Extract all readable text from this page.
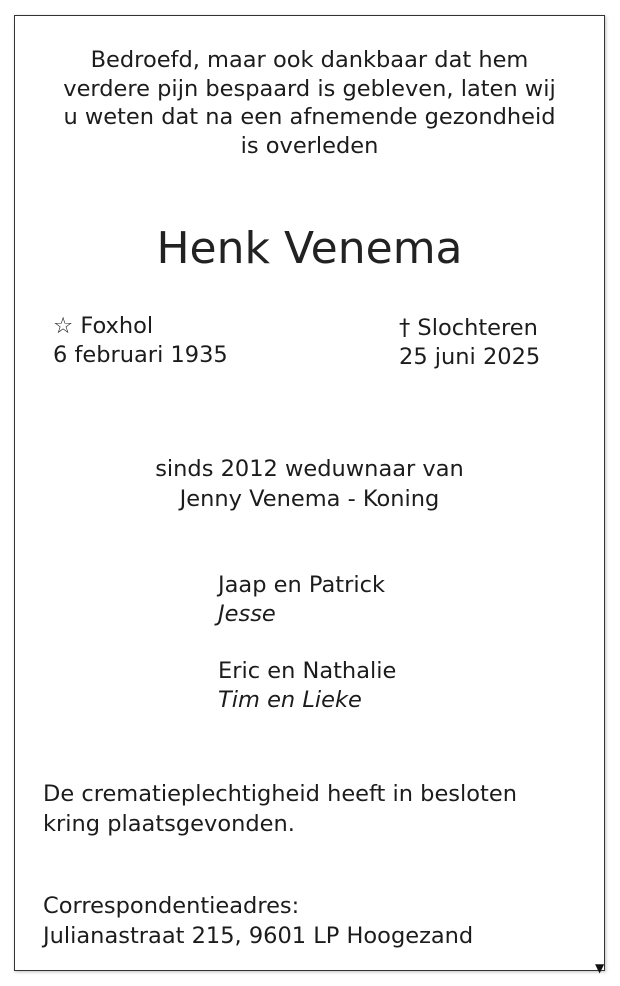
▼
Bedroefd, maar ook dankbaar dat hem
verdere pijn bespaard is gebleven, laten wij
u weten dat na een afnemende gezondheid
is overleden
Henk Venema
☆ Foxhol
6 februari 1935
† Slochteren
25 juni 2025
sinds 2012 weduwnaar van
Jenny Venema - Koning
Jaap en Patrick
Jesse
Eric en Nathalie
Tim en Lieke
De crematieplechtigheid heeft in besloten
kring plaatsgevonden.
Correspondentieadres:
Julianastraat 215, 9601 LP Hoogezand
